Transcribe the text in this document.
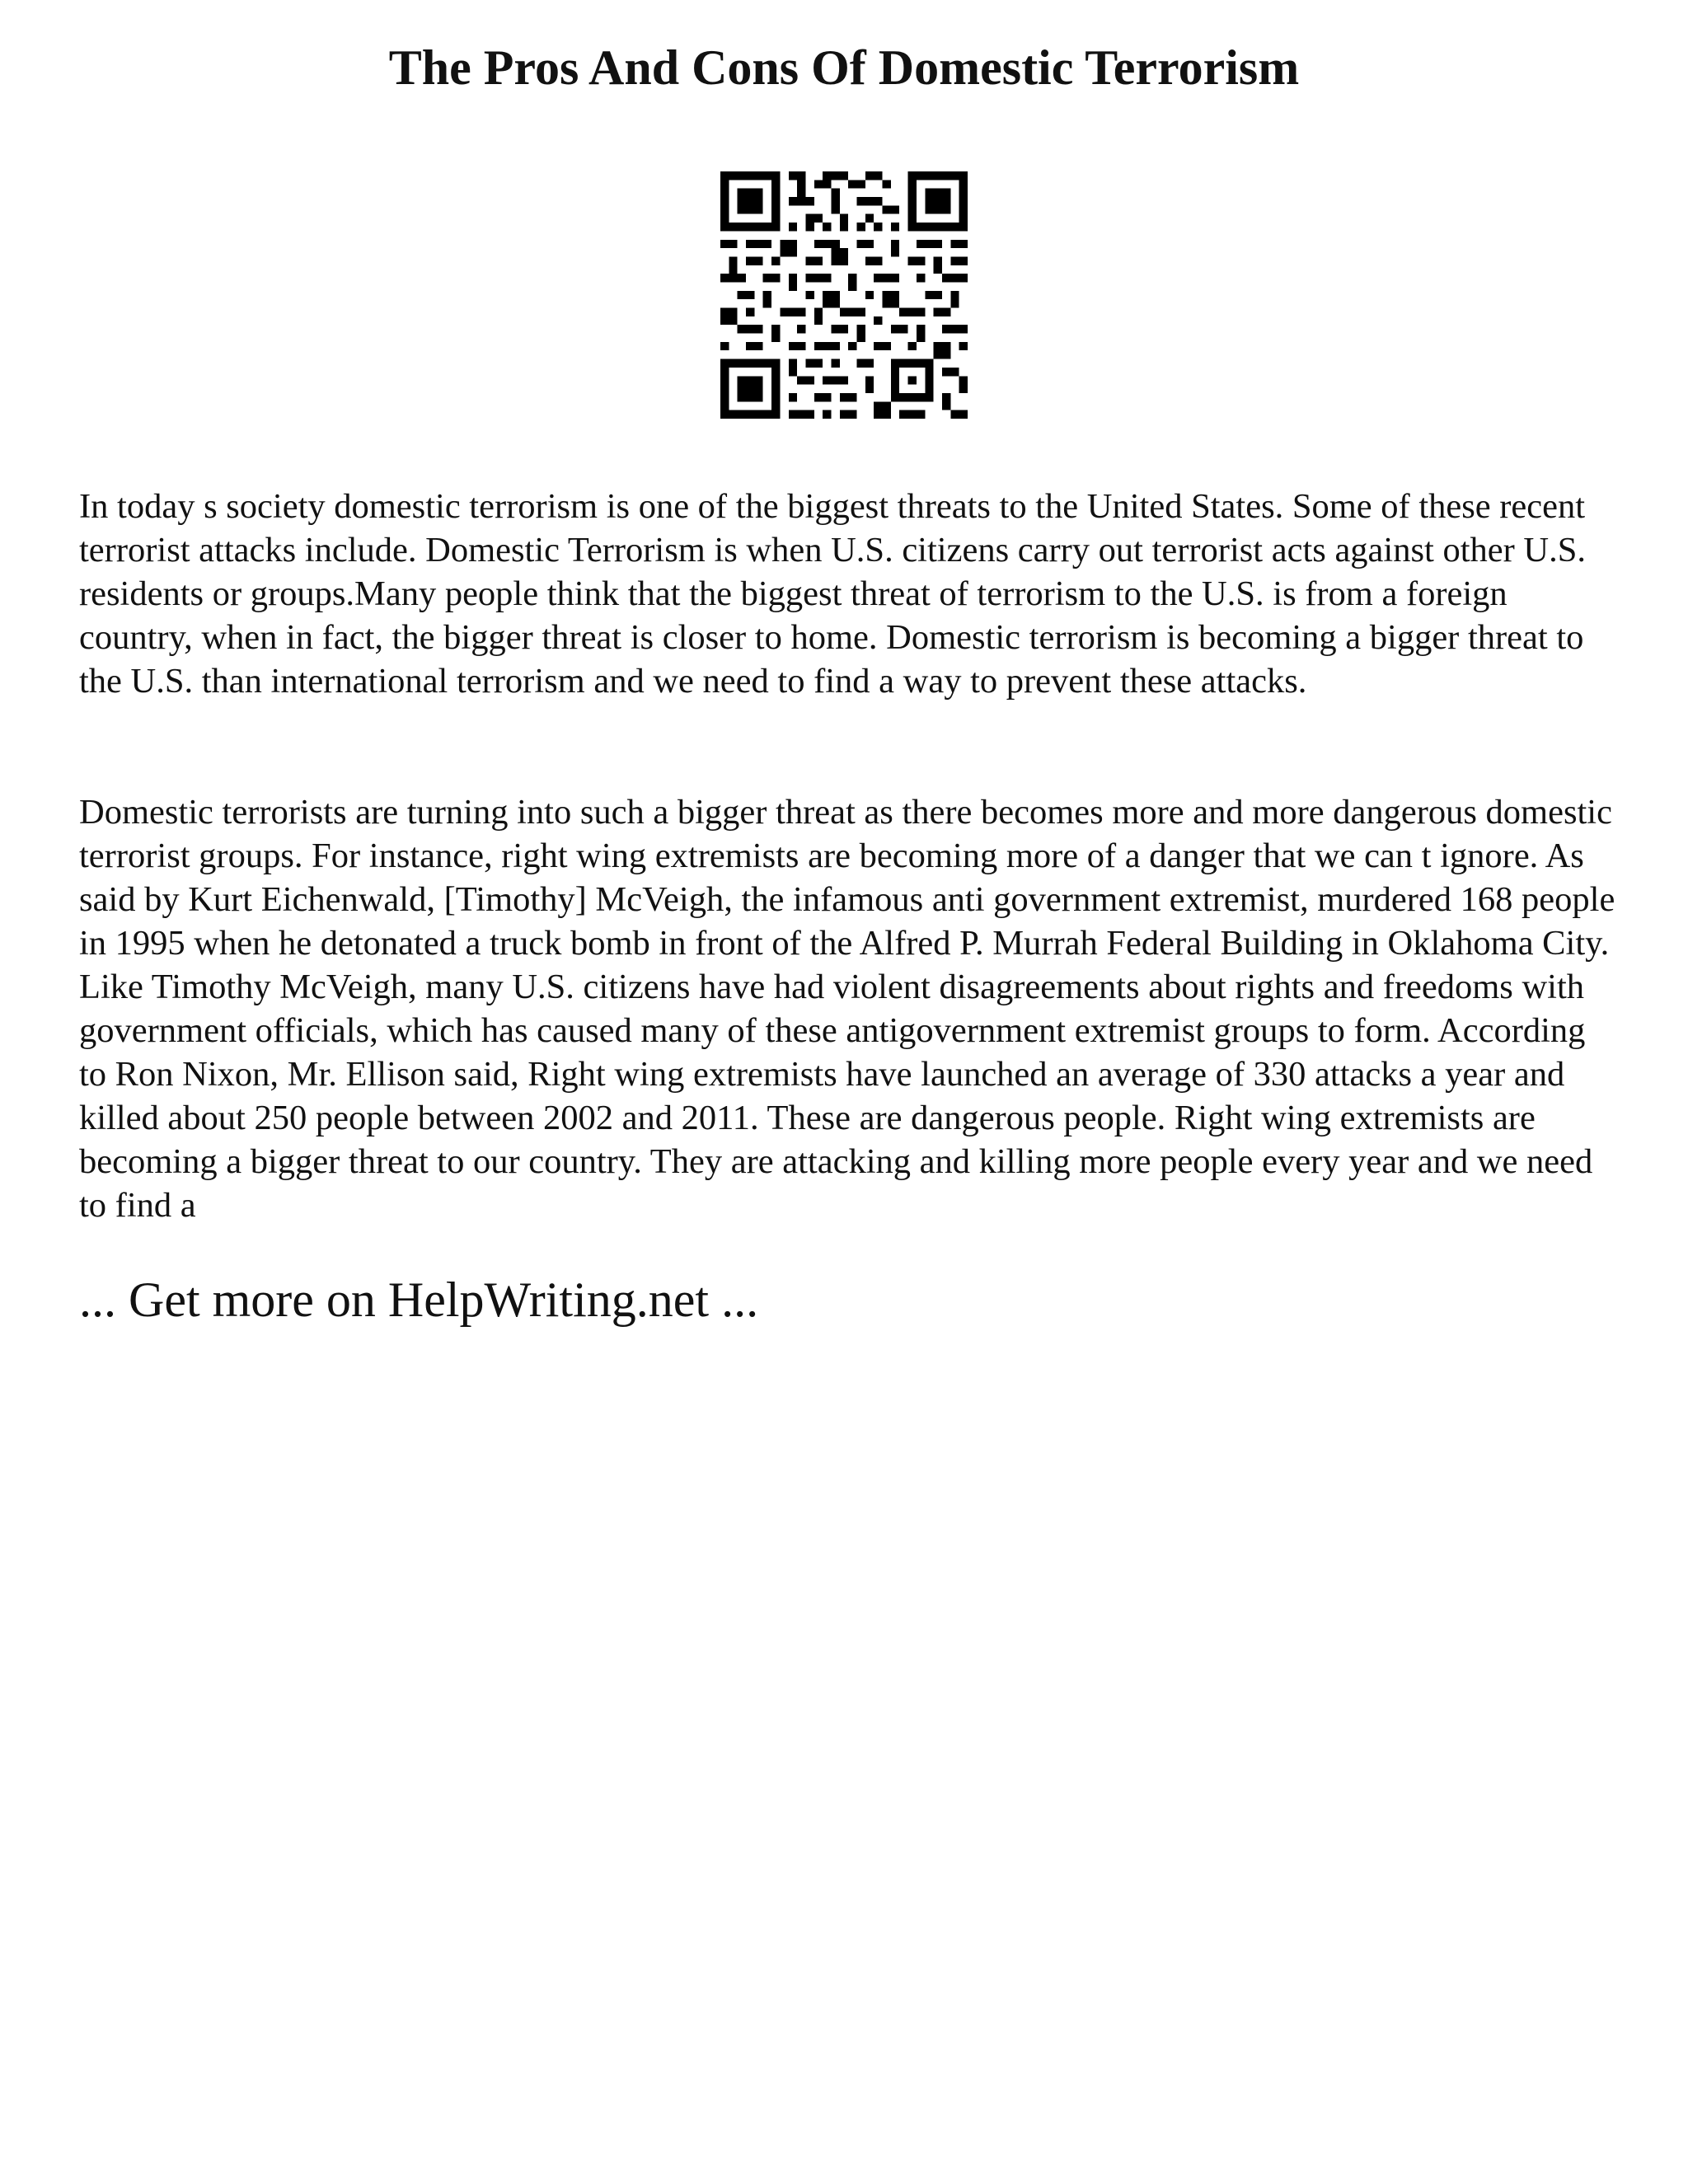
The Pros And Cons Of Domestic Terrorism

In today s society domestic terrorism is one of the biggest threats to the United States. Some of these recent terrorist attacks include. Domestic Terrorism is when U.S. citizens carry out terrorist acts against other U.S. residents or groups.Many people think that the biggest threat of terrorism to the U.S. is from a foreign country, when in fact, the bigger threat is closer to home. Domestic terrorism is becoming a bigger threat to the U.S. than international terrorism and we need to find a way to prevent these attacks.

Domestic terrorists are turning into such a bigger threat as there becomes more and more dangerous domestic terrorist groups. For instance, right wing extremists are becoming more of a danger that we can t ignore. As said by Kurt Eichenwald, [Timothy] McVeigh, the infamous anti government extremist, murdered 168 people in 1995 when he detonated a truck bomb in front of the Alfred P. Murrah Federal Building in Oklahoma City. Like Timothy McVeigh, many U.S. citizens have had violent disagreements about rights and freedoms with government officials, which has caused many of these antigovernment extremist groups to form. According to Ron Nixon, Mr. Ellison said, Right wing extremists have launched an average of 330 attacks a year and killed about 250 people between 2002 and 2011. These are dangerous people. Right wing extremists are becoming a bigger threat to our country. They are attacking and killing more people every year and we need to find a

... Get more on HelpWriting.net ...
